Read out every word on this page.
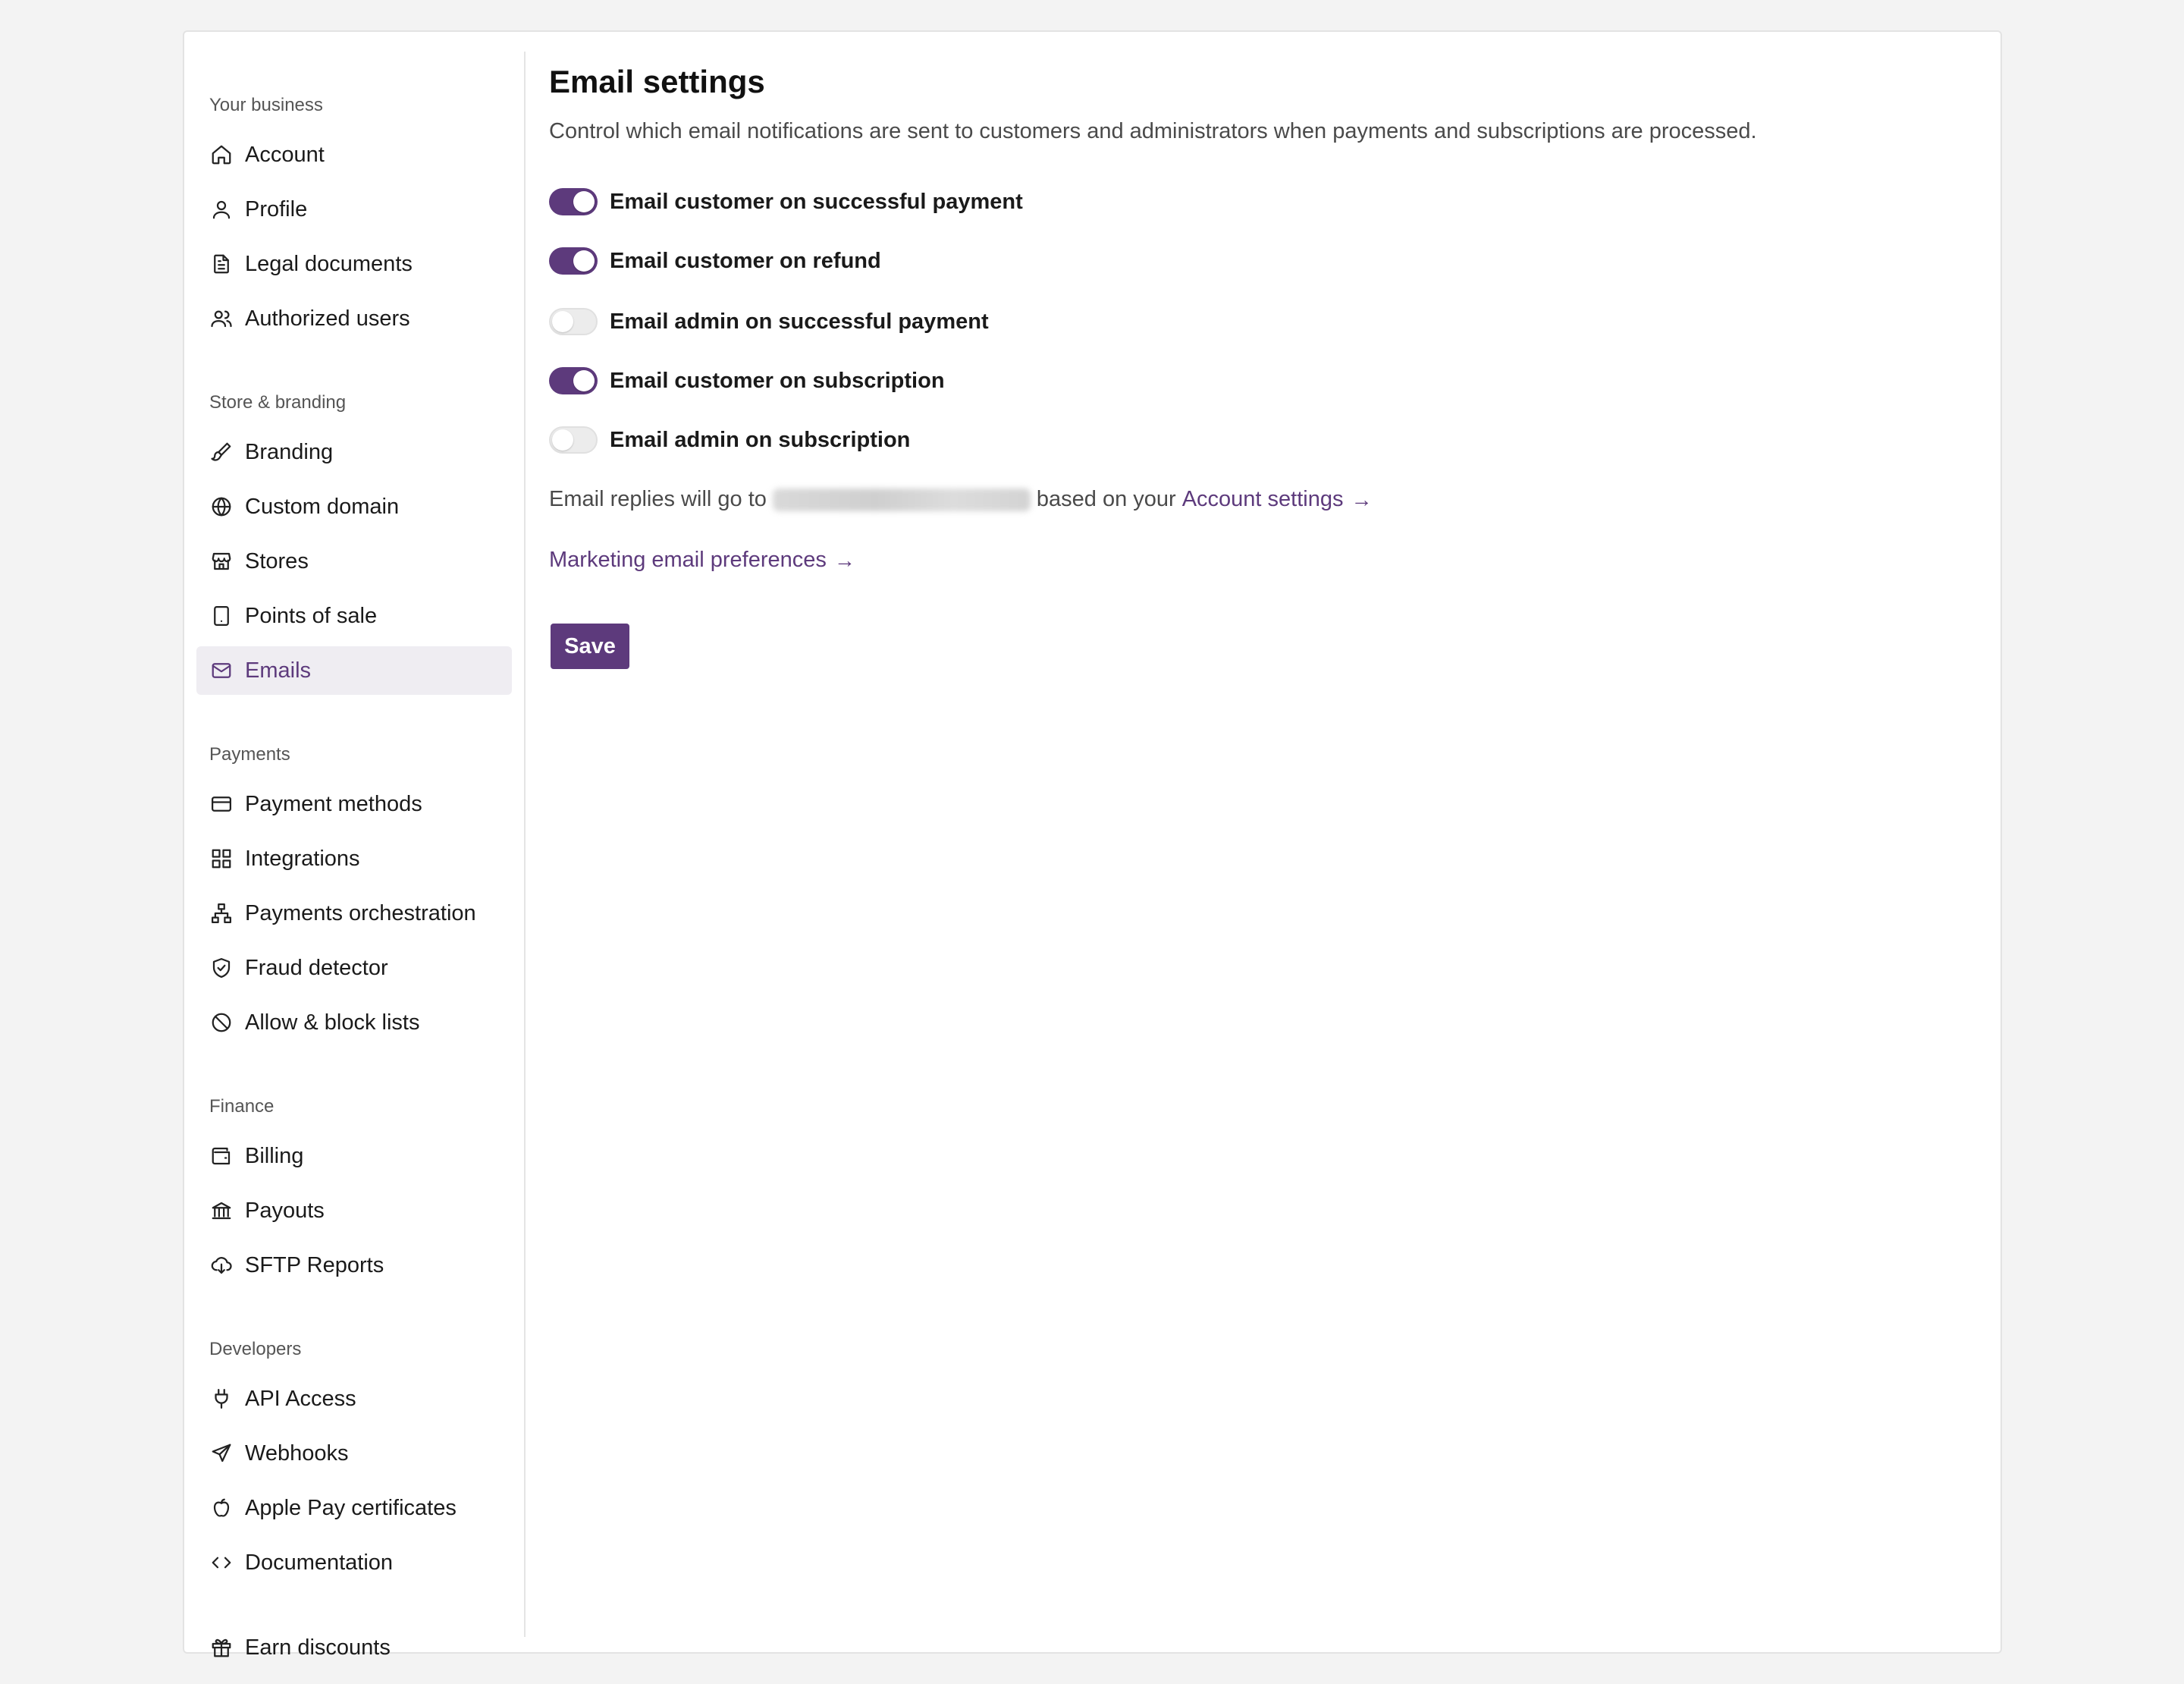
Your business
Account
Profile
Legal documents
Authorized users
Store & branding
Branding
Custom domain
Stores
Points of sale
Emails
Payments
Payment methods
Integrations
Payments orchestration
Fraud detector
Allow & block lists
Finance
Billing
Payouts
SFTP Reports
Developers
API Access
Webhooks
Apple Pay certificates
Documentation
Earn discounts
Email settings

Control which email notifications are sent to customers and administrators when payments and subscriptions are processed.

Email customer on successful payment
Email customer on refund
Email admin on successful payment
Email customer on subscription
Email admin on subscription
Email replies will go to	based on your Account settings →
Marketing email preferences →
Save
